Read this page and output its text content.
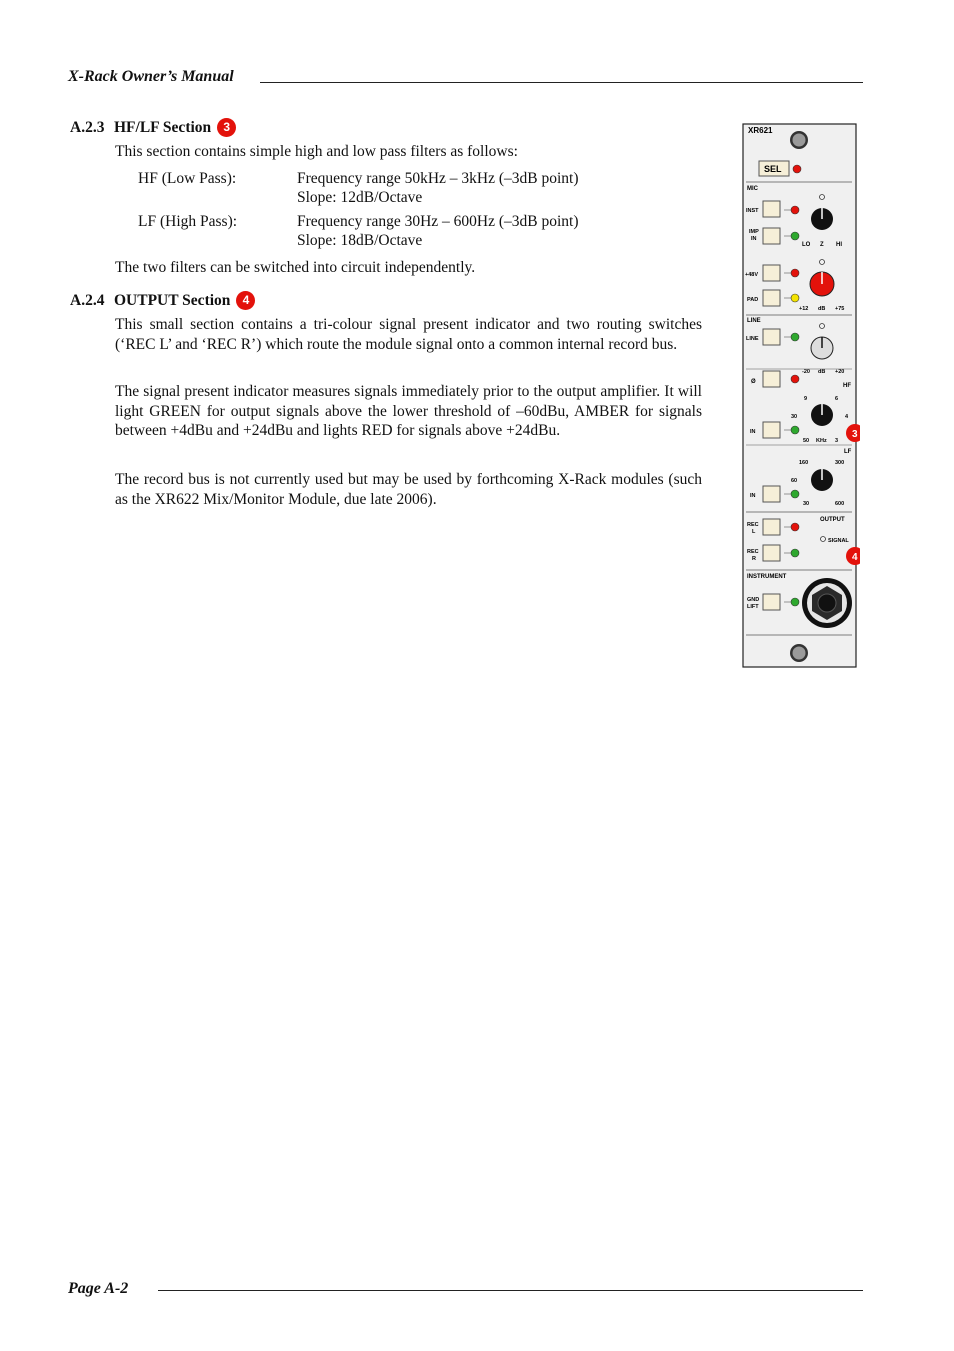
X-Rack Owner’s Manual
A.2.3 HF/LF Section 3
This section contains simple high and low pass filters as follows:
HF (Low Pass):	Frequency range 50kHz – 3kHz (–3dB point)
Slope: 12dB/Octave
LF (High Pass):	Frequency range 30Hz – 600Hz (–3dB point)
Slope: 18dB/Octave
The two filters can be switched into circuit independently.
A.2.4 OUTPUT Section 4
This small section contains a tri-colour signal present indicator and two routing switches (‘REC L’ and ‘REC R’) which route the module signal onto a common internal record bus.
The signal present indicator measures signals immediately prior to the output amplifier. It will light GREEN for output signals above the lower threshold of –60dBu, AMBER for signals between +4dBu and +24dBu and lights RED for signals above +24dBu.
The record bus is not currently used but may be used by forthcoming X-Rack modules (such as the XR622 Mix/Monitor Module, due late 2006).
XR621
SEL
MIC
INST
IMP
IN
LO Z HI
+48V
PAD
+12 dB +75
LINE
LINE
-20 dB +20
Ø
HF
9	6
30	4
50 KHz 3
IN	3
LF
160	300
60
30	600
IN
OUTPUT
REC
L
REC
R
SIGNAL
4
INSTRUMENT
GND
LIFT
Page A-2
